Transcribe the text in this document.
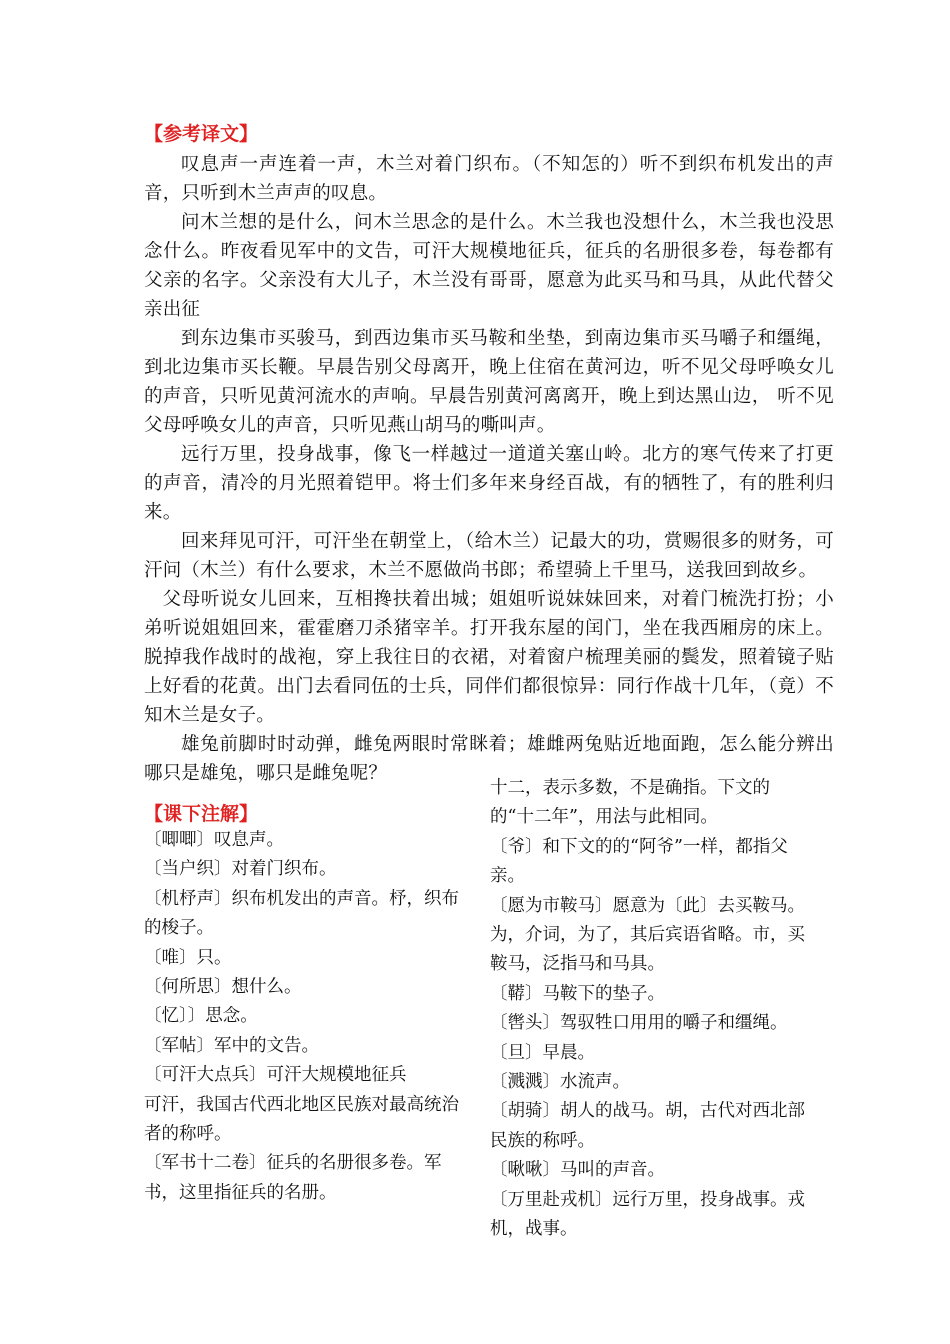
【参考译文】

叹息声一声连着一声，木兰对着门织布。（不知怎的）听不到织布机发出的声音，只听到木兰声声的叹息。

问木兰想的是什么，问木兰思念的是什么。木兰我也没想什么，木兰我也没思念什么。昨夜看见军中的文告，可汗大规模地征兵，征兵的名册很多卷，每卷都有父亲的名字。父亲没有大儿子，木兰没有哥哥，愿意为此买马和马具，从此代替父亲出征

到东边集市买骏马，到西边集市买马鞍和坐垫，到南边集市买马嚼子和缰绳，到北边集市买长鞭。早晨告别父母离开，晚上住宿在黄河边，听不见父母呼唤女儿的声音，只听见黄河流水的声响。早晨告别黄河离离开，晚上到达黑山边， 听不见父母呼唤女儿的声音，只听见燕山胡马的嘶叫声。

远行万里，投身战事，像飞一样越过一道道关塞山岭。北方的寒气传来了打更的声音，清冷的月光照着铠甲。将士们多年来身经百战，有的牺牲了，有的胜利归来。

回来拜见可汗，可汗坐在朝堂上，（给木兰）记最大的功，赏赐很多的财务，可汗问（木兰）有什么要求，木兰不愿做尚书郎；希望骑上千里马，送我回到故乡。

父母听说女儿回来，互相搀扶着出城；姐姐听说妹妹回来，对着门梳洗打扮；小弟听说姐姐回来，霍霍磨刀杀猪宰羊。打开我东屋的闰门，坐在我西厢房的床上。脱掉我作战时的战袍，穿上我往日的衣裙，对着窗户梳理美丽的鬓发，照着镜子贴上好看的花黄。出门去看同伍的士兵，同伴们都很惊异：同行作战十几年，（竟）不知木兰是女子。

雄兔前脚时时动弹，雌兔两眼时常眯着；雄雌两兔贴近地面跑，怎么能分辨出哪只是雄兔，哪只是雌兔呢？

【课下注解】
〔唧唧〕叹息声。
〔当户织〕对着门织布。
〔机杼声〕织布机发出的声音。杼，织布的梭子。
〔唯〕只。
〔何所思〕想什么。
〔忆〕〕思念。
〔军帖〕军中的文告。
〔可汗大点兵〕可汗大规模地征兵
可汗，我国古代西北地区民族对最高统治者的称呼。
〔军书十二卷〕征兵的名册很多卷。军书，这里指征兵的名册。
十二，表示多数，不是确指。下文的的“十二年”，用法与此相同。
〔爷〕和下文的的“阿爷”一样，都指父亲。
〔愿为市鞍马〕愿意为〔此〕去买鞍马。为，介词，为了，其后宾语省略。市，买鞍马，泛指马和马具。
〔鞯〕马鞍下的垫子。
〔辔头〕驾驭牲口用用的嚼子和缰绳。
〔旦〕早晨。
〔溅溅〕水流声。
〔胡骑〕胡人的战马。胡，古代对西北部民族的称呼。
〔啾啾〕马叫的声音。
〔万里赴戎机〕远行万里，投身战事。戎机，战事。
